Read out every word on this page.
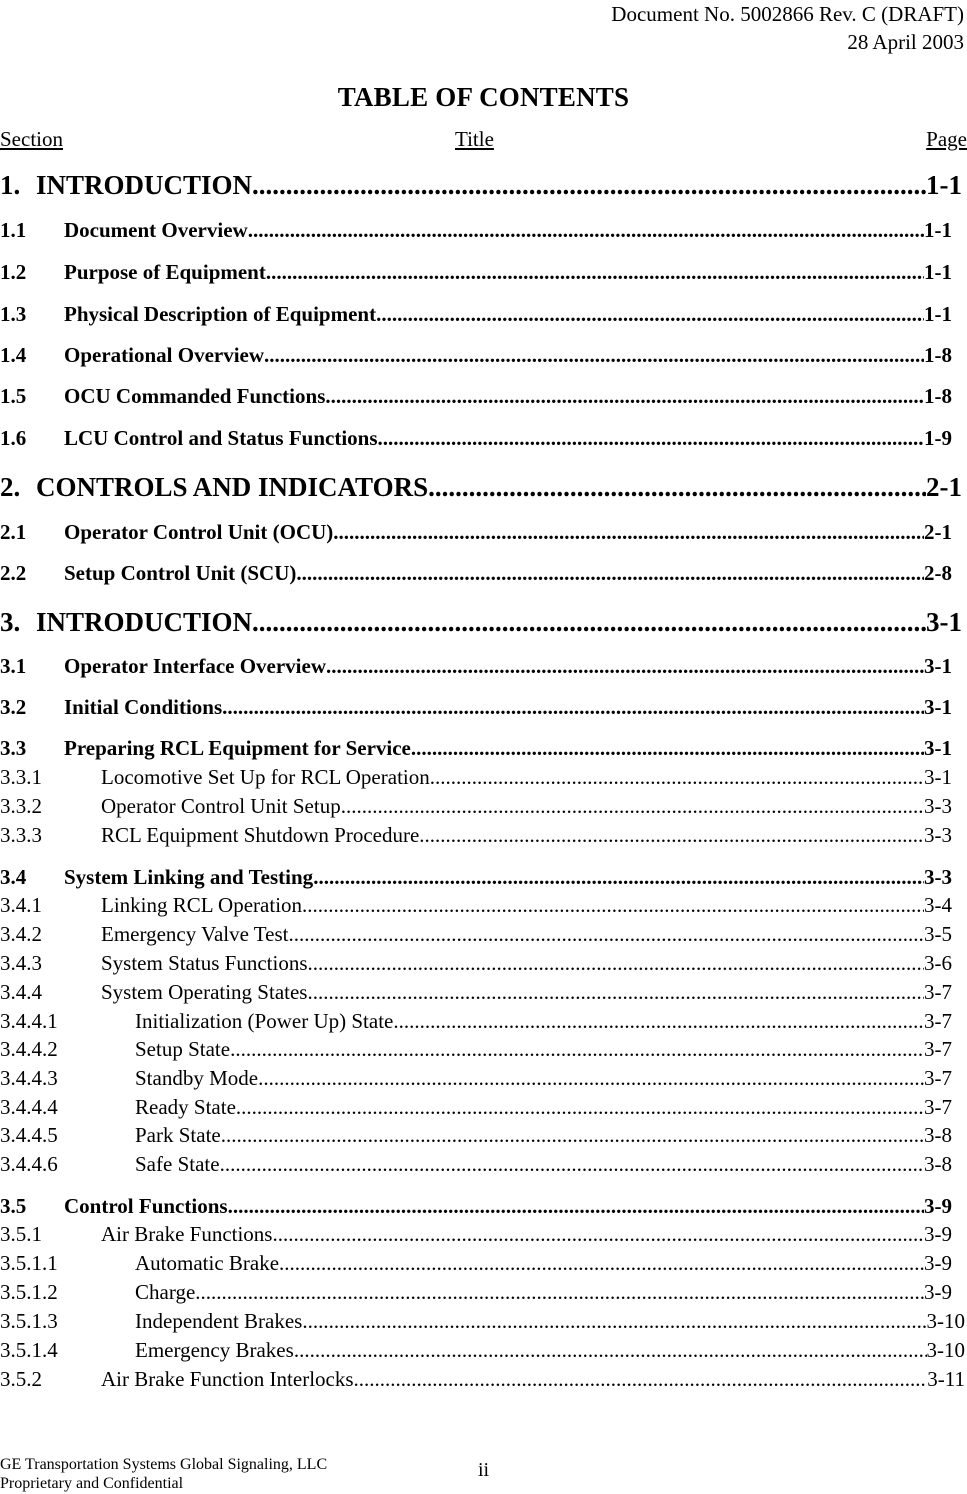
Document No. 5002866 Rev. C (DRAFT)
28 April 2003
TABLE OF CONTENTS
Section	Title	Page
1. INTRODUCTION .....	1-1
1.1	Document Overview .....	1-1
1.2	Purpose of Equipment .....	1-1
1.3	Physical Description of Equipment .....	1-1
1.4	Operational Overview .....	1-8
1.5	OCU Commanded Functions .....	1-8
1.6	LCU Control and Status Functions .....	1-9
2. CONTROLS AND INDICATORS .....	2-1
2.1	Operator Control Unit (OCU) .....	2-1
2.2	Setup Control Unit (SCU) .....	2-8
3. INTRODUCTION .....	3-1
3.1	Operator Interface Overview .....	3-1
3.2	Initial Conditions .....	3-1
3.3	Preparing RCL Equipment for Service .....	3-1
3.3.1	Locomotive Set Up for RCL Operation .....	3-1
3.3.2	Operator Control Unit Setup .....	3-3
3.3.3	RCL Equipment Shutdown Procedure .....	3-3
3.4	System Linking and Testing .....	3-3
3.4.1	Linking RCL Operation .....	3-4
3.4.2	Emergency Valve Test .....	3-5
3.4.3	System Status Functions .....	3-6
3.4.4	System Operating States .....	3-7
3.4.4.1	Initialization (Power Up) State .....	3-7
3.4.4.2	Setup State .....	3-7
3.4.4.3	Standby Mode .....	3-7
3.4.4.4	Ready State .....	3-7
3.4.4.5	Park State .....	3-8
3.4.4.6	Safe State .....	3-8
3.5	Control Functions .....	3-9
3.5.1	Air Brake Functions .....	3-9
3.5.1.1	Automatic Brake .....	3-9
3.5.1.2	Charge .....	3-9
3.5.1.3	Independent Brakes .....	3-10
3.5.1.4	Emergency Brakes .....	3-10
3.5.2	Air Brake Function Interlocks .....	3-11
GE Transportation Systems Global Signaling, LLC
Proprietary and Confidential
ii
